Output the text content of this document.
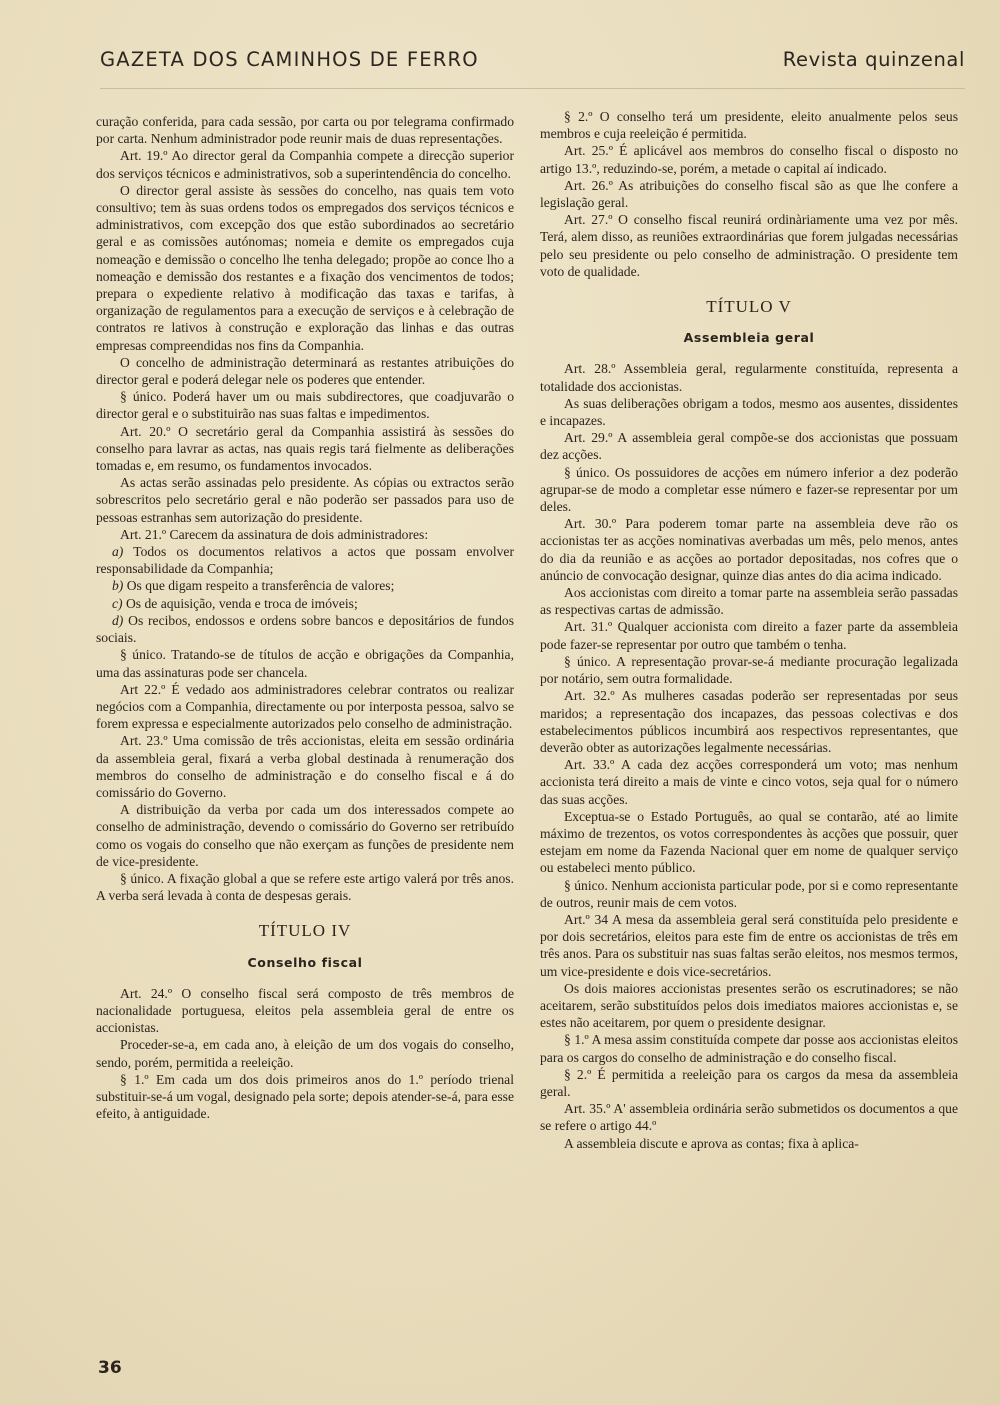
GAZETA DOS CAMINHOS DE FERRO	Revista quinzenal

curação conferida, para cada sessão, por carta ou por telegrama confirmado por carta. Nenhum administrador pode reunir mais de duas representações.

Art. 19.º Ao director geral da Companhia compete a direcção superior dos serviços técnicos e administrativos, sob a superintendência do concelho.

O director geral assiste às sessões do concelho, nas quais tem voto consultivo; tem às suas ordens todos os empregados dos serviços técnicos e administrativos, com excepção dos que estão subordinados ao secretário geral e as comissões autónomas; nomeia e demite os empregados cuja nomeação e demissão o concelho lhe tenha delegado; propõe ao conce lho a nomeação e demissão dos restantes e a fixação dos vencimentos de todos; prepara o expediente relativo à modificação das taxas e tarifas, à organização de regulamentos para a execução de serviços e à celebração de contratos re lativos à construção e exploração das linhas e das outras empresas compreendidas nos fins da Companhia.

O concelho de administração determinará as restantes atribuições do director geral e poderá delegar nele os poderes que entender.

§ único. Poderá haver um ou mais subdirectores, que coadjuvarão o director geral e o substituirão nas suas faltas e impedimentos.

Art. 20.º O secretário geral da Companhia assistirá às sessões do conselho para lavrar as actas, nas quais regis tará fielmente as deliberações tomadas e, em resumo, os fundamentos invocados.

As actas serão assinadas pelo presidente. As cópias ou extractos serão sobrescritos pelo secretário geral e não poderão ser passados para uso de pessoas estranhas sem autorização do presidente.

Art. 21.º Carecem da assinatura de dois administradores:

a) Todos os documentos relativos a actos que possam envolver responsabilidade da Companhia;

b) Os que digam respeito a transferência de valores;

c) Os de aquisição, venda e troca de imóveis;

d) Os recibos, endossos e ordens sobre bancos e depositários de fundos sociais.

§ único. Tratando-se de títulos de acção e obrigações da Companhia, uma das assinaturas pode ser chancela.

Art 22.º É vedado aos administradores celebrar contratos ou realizar negócios com a Companhia, directamente ou por interposta pessoa, salvo se forem expressa e especialmente autorizados pelo conselho de administração.

Art. 23.º Uma comissão de três accionistas, eleita em sessão ordinária da assembleia geral, fixará a verba global destinada à renumeração dos membros do conselho de administração e do conselho fiscal e á do comissário do Governo.

A distribuição da verba por cada um dos interessados compete ao conselho de administração, devendo o comissário do Governo ser retribuído como os vogais do conselho que não exerçam as funções de presidente nem de vice-presidente.

§ único. A fixação global a que se refere este artigo valerá por três anos. A verba será levada à conta de despesas gerais.

TÍTULO IV
Conselho fiscal

Art. 24.º O conselho fiscal será composto de três membros de nacionalidade portuguesa, eleitos pela assembleia geral de entre os accionistas.

Proceder-se-a, em cada ano, à eleição de um dos vogais do conselho, sendo, porém, permitida a reeleição.

§ 1.º Em cada um dos dois primeiros anos do 1.º período trienal substituir-se-á um vogal, designado pela sorte; depois atender-se-á, para esse efeito, à antiguidade.

§ 2.º O conselho terá um presidente, eleito anualmente pelos seus membros e cuja reeleição é permitida.

Art. 25.º É aplicável aos membros do conselho fiscal o disposto no artigo 13.º, reduzindo-se, porém, a metade o capital aí indicado.

Art. 26.º As atribuições do conselho fiscal são as que lhe confere a legislação geral.

Art. 27.º O conselho fiscal reunirá ordinàriamente uma vez por mês. Terá, alem disso, as reuniões extraordinárias que forem julgadas necessárias pelo seu presidente ou pelo conselho de administração. O presidente tem voto de qualidade.

TÍTULO V
Assembleia geral

Art. 28.º Assembleia geral, regularmente constituída, representa a totalidade dos accionistas.

As suas deliberações obrigam a todos, mesmo aos ausentes, dissidentes e incapazes.

Art. 29.º A assembleia geral compõe-se dos accionistas que possuam dez acções.

§ único. Os possuidores de acções em número inferior a dez poderão agrupar-se de modo a completar esse número e fazer-se representar por um deles.

Art. 30.º Para poderem tomar parte na assembleia deve rão os accionistas ter as acções nominativas averbadas um mês, pelo menos, antes do dia da reunião e as acções ao portador depositadas, nos cofres que o anúncio de convocação designar, quinze dias antes do dia acima indicado.

Aos accionistas com direito a tomar parte na assembleia serão passadas as respectivas cartas de admissão.

Art. 31.º Qualquer accionista com direito a fazer parte da assembleia pode fazer-se representar por outro que também o tenha.

§ único. A representação provar-se-á mediante procuração legalizada por notário, sem outra formalidade.

Art. 32.º As mulheres casadas poderão ser representadas por seus maridos; a representação dos incapazes, das pessoas colectivas e dos estabelecimentos públicos incumbirá aos respectivos representantes, que deverão obter as autorizações legalmente necessárias.

Art. 33.º A cada dez acções corresponderá um voto; mas nenhum accionista terá direito a mais de vinte e cinco votos, seja qual for o número das suas acções.

Exceptua-se o Estado Português, ao qual se contarão, até ao limite máximo de trezentos, os votos correspondentes às acções que possuir, quer estejam em nome da Fazenda Nacional quer em nome de qualquer serviço ou estabeleci mento público.

§ único. Nenhum accionista particular pode, por si e como representante de outros, reunir mais de cem votos.

Art.º 34 A mesa da assembleia geral será constituída pelo presidente e por dois secretários, eleitos para este fim de entre os accionistas de três em três anos. Para os substituir nas suas faltas serão eleitos, nos mesmos termos, um vice-presidente e dois vice-secretários.

Os dois maiores accionistas presentes serão os escrutinadores; se não aceitarem, serão substituídos pelos dois imediatos maiores accionistas e, se estes não aceitarem, por quem o presidente designar.

§ 1.º A mesa assim constituída compete dar posse aos accionistas eleitos para os cargos do conselho de administração e do conselho fiscal.

§ 2.º É permitida a reeleição para os cargos da mesa da assembleia geral.

Art. 35.º A' assembleia ordinária serão submetidos os documentos a que se refere o artigo 44.º

A assembleia discute e aprova as contas; fixa à aplica-

36
